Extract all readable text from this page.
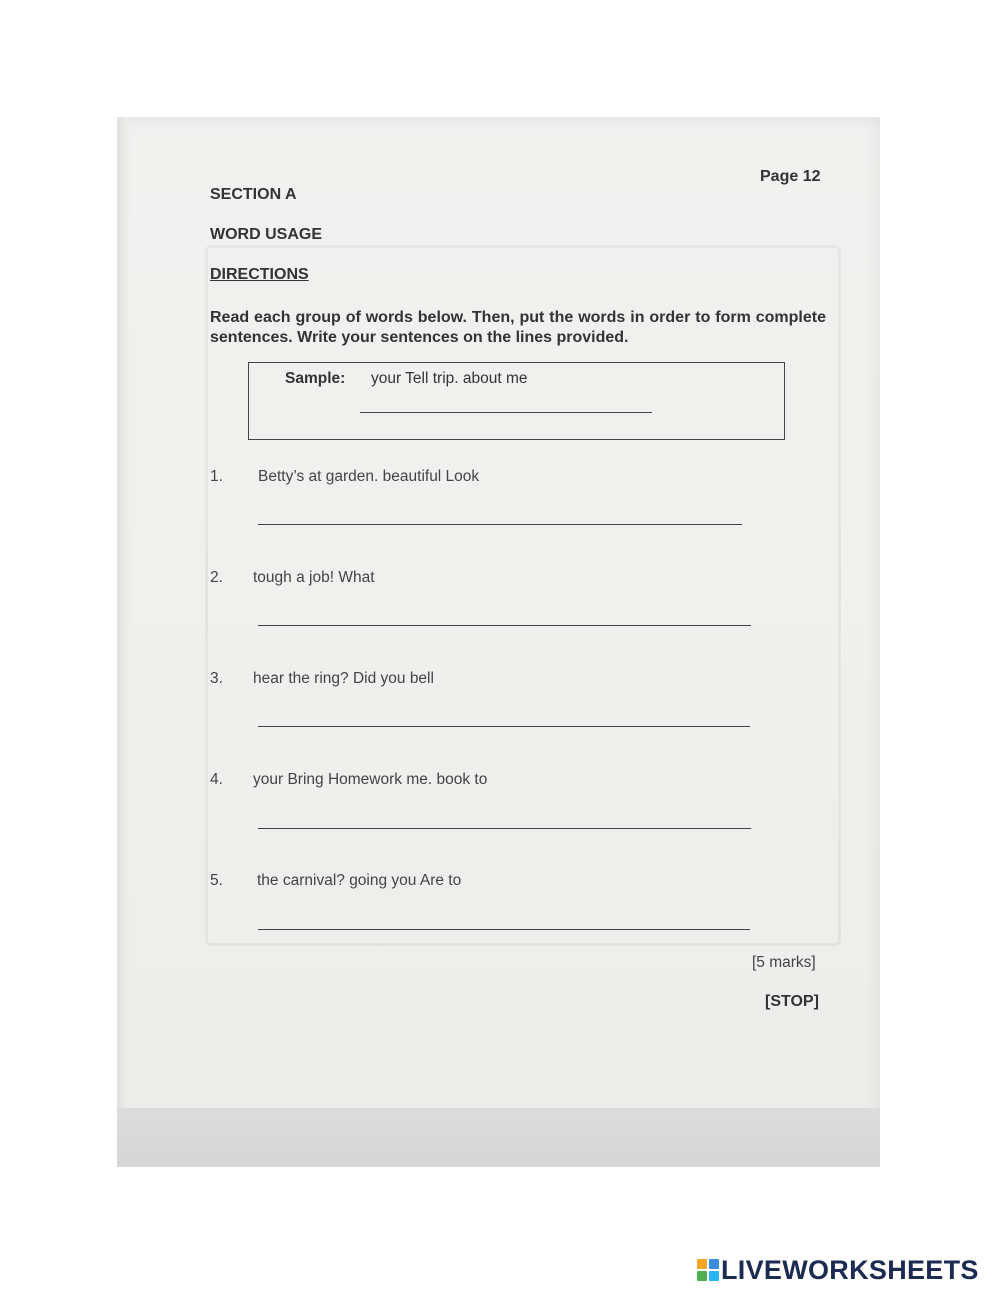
Page 12
SECTION A
WORD USAGE
DIRECTIONS
Read each group of words below. Then, put the words in order to form complete sentences. Write your sentences on the lines provided.
Sample: your Tell trip. about me
1. Betty’s at garden. beautiful Look
2. tough a job! What
3. hear the ring? Did you bell
4. your Bring Homework me. book to
5. the carnival? going you Are to
[5 marks]
[STOP]
LIVEWORKSHEETS
